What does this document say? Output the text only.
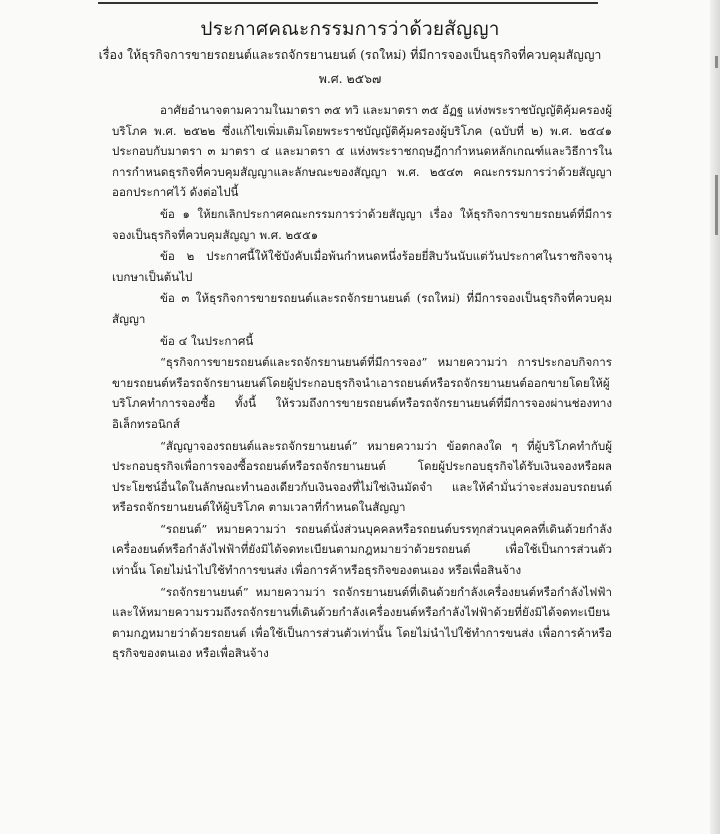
ประกาศคณะกรรมการว่าด้วยสัญญา
เรื่อง ให้ธุรกิจการขายรถยนต์และรถจักรยานยนต์ (รถใหม่) ที่มีการจองเป็นธุรกิจที่ควบคุมสัญญา
พ.ศ. ๒๕๖๗

อาศัยอำนาจตามความในมาตรา ๓๕ ทวิ และมาตรา ๓๕ อัฏฐ แห่งพระราชบัญญัติคุ้มครองผู้บริโภค พ.ศ. ๒๕๒๒ ซึ่งแก้ไขเพิ่มเติมโดยพระราชบัญญัติคุ้มครองผู้บริโภค (ฉบับที่ ๒) พ.ศ. ๒๕๔๑ ประกอบกับมาตรา ๓ มาตรา ๔ และมาตรา ๕ แห่งพระราชกฤษฎีกากำหนดหลักเกณฑ์และวิธีการในการกำหนดธุรกิจที่ควบคุมสัญญาและลักษณะของสัญญา พ.ศ. ๒๕๔๓ คณะกรรมการว่าด้วยสัญญา ออกประกาศไว้ ดังต่อไปนี้

ข้อ ๑ ให้ยกเลิกประกาศคณะกรรมการว่าด้วยสัญญา เรื่อง ให้ธุรกิจการขายรถยนต์ที่มีการจองเป็นธุรกิจที่ควบคุมสัญญา พ.ศ. ๒๕๕๑

ข้อ ๒ ประกาศนี้ให้ใช้บังคับเมื่อพ้นกำหนดหนึ่งร้อยยี่สิบวันนับแต่วันประกาศในราชกิจจานุเบกษาเป็นต้นไป

ข้อ ๓ ให้ธุรกิจการขายรถยนต์และรถจักรยานยนต์ (รถใหม่) ที่มีการจองเป็นธุรกิจที่ควบคุมสัญญา

ข้อ ๔ ในประกาศนี้

“ธุรกิจการขายรถยนต์และรถจักรยานยนต์ที่มีการจอง” หมายความว่า การประกอบกิจการขายรถยนต์หรือรถจักรยานยนต์โดยผู้ประกอบธุรกิจนำเอารถยนต์หรือรถจักรยานยนต์ออกขายโดยให้ผู้บริโภคทำการจองซื้อ ทั้งนี้ ให้รวมถึงการขายรถยนต์หรือรถจักรยานยนต์ที่มีการจองผ่านช่องทางอิเล็กทรอนิกส์

“สัญญาจองรถยนต์และรถจักรยานยนต์” หมายความว่า ข้อตกลงใด ๆ ที่ผู้บริโภคทำกับผู้ประกอบธุรกิจเพื่อการจองซื้อรถยนต์หรือรถจักรยานยนต์ โดยผู้ประกอบธุรกิจได้รับเงินจองหรือผลประโยชน์อื่นใดในลักษณะทำนองเดียวกับเงินจองที่ไม่ใช่เงินมัดจำ และให้คำมั่นว่าจะส่งมอบรถยนต์หรือรถจักรยานยนต์ให้ผู้บริโภค ตามเวลาที่กำหนดในสัญญา

“รถยนต์” หมายความว่า รถยนต์นั่งส่วนบุคคลหรือรถยนต์บรรทุกส่วนบุคคลที่เดินด้วยกำลังเครื่องยนต์หรือกำลังไฟฟ้าที่ยังมิได้จดทะเบียนตามกฎหมายว่าด้วยรถยนต์ เพื่อใช้เป็นการส่วนตัวเท่านั้น โดยไม่นำไปใช้ทำการขนส่ง เพื่อการค้าหรือธุรกิจของตนเอง หรือเพื่อสินจ้าง

“รถจักรยานยนต์” หมายความว่า รถจักรยานยนต์ที่เดินด้วยกำลังเครื่องยนต์หรือกำลังไฟฟ้าและให้หมายความรวมถึงรถจักรยานที่เดินด้วยกำลังเครื่องยนต์หรือกำลังไฟฟ้าด้วยที่ยังมิได้จดทะเบียนตามกฎหมายว่าด้วยรถยนต์ เพื่อใช้เป็นการส่วนตัวเท่านั้น โดยไม่นำไปใช้ทำการขนส่ง เพื่อการค้าหรือธุรกิจของตนเอง หรือเพื่อสินจ้าง
